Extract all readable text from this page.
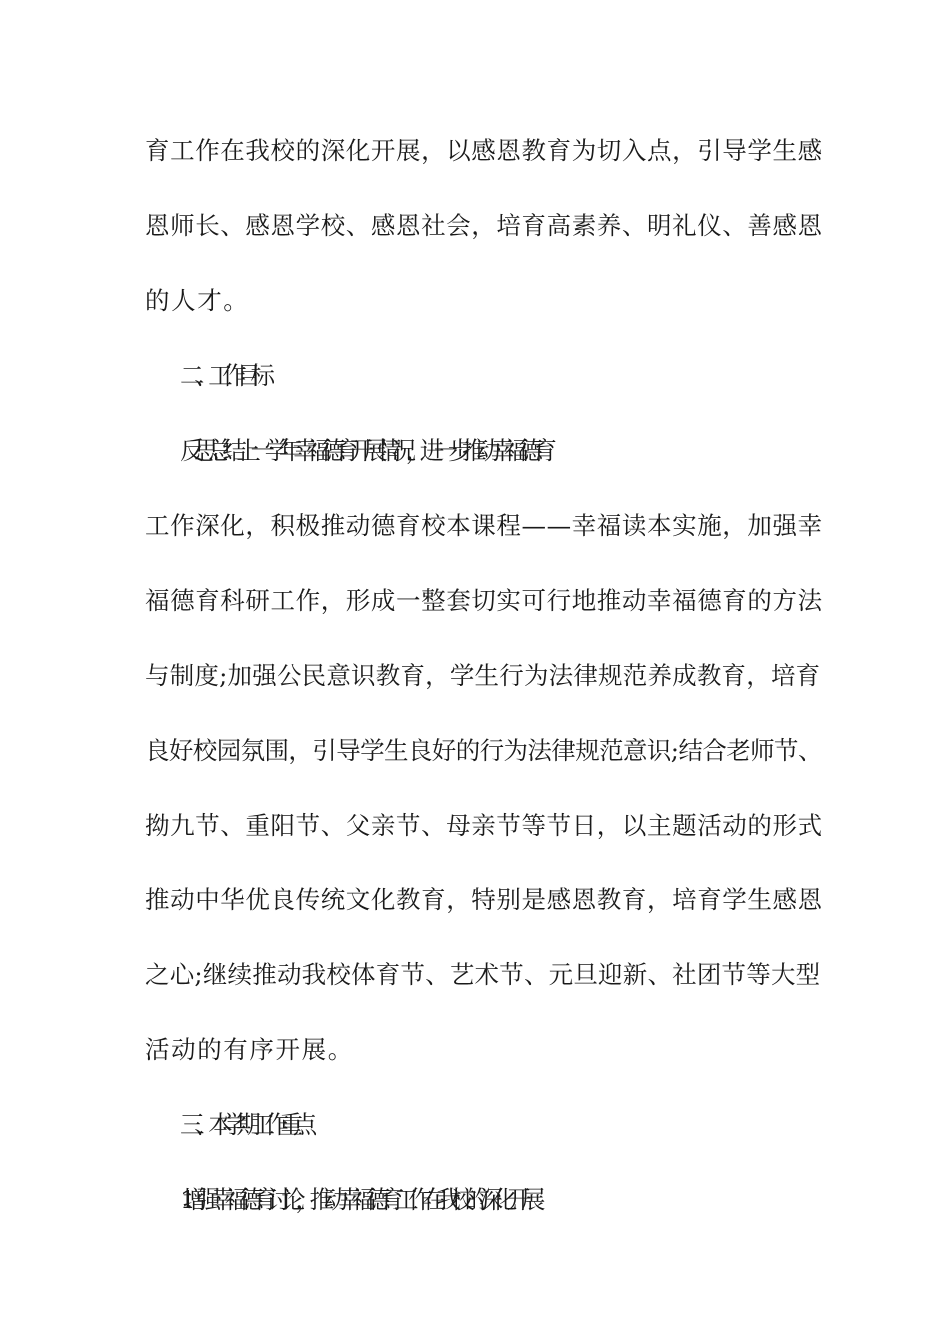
育工作在我校的深化开展，以感恩教育为切入点，引导学生感
恩师长、感恩学校、感恩社会，培育高素养、明礼仪、善感恩
的人才。
二、工作目标
反思总结上一学年幸福德育开展情况，进一步推动幸福德育
工作深化，积极推动德育校本课程——幸福读本实施，加强幸
福德育科研工作，形成一整套切实可行地推动幸福德育的方法
与制度;加强公民意识教育，学生行为法律规范养成教育，培育
良好校园氛围，引导学生良好的行为法律规范意识;结合老师节、
拗九节、重阳节、父亲节、母亲节等节日，以主题活动的形式
推动中华优良传统文化教育，特别是感恩教育，培育学生感恩
之心;继续推动我校体育节、艺术节、元旦迎新、社团节等大型
活动的有序开展。
三、本学期工作重点
1.增强幸福德育讨论，推动幸福德育工作在我校的深化开展
